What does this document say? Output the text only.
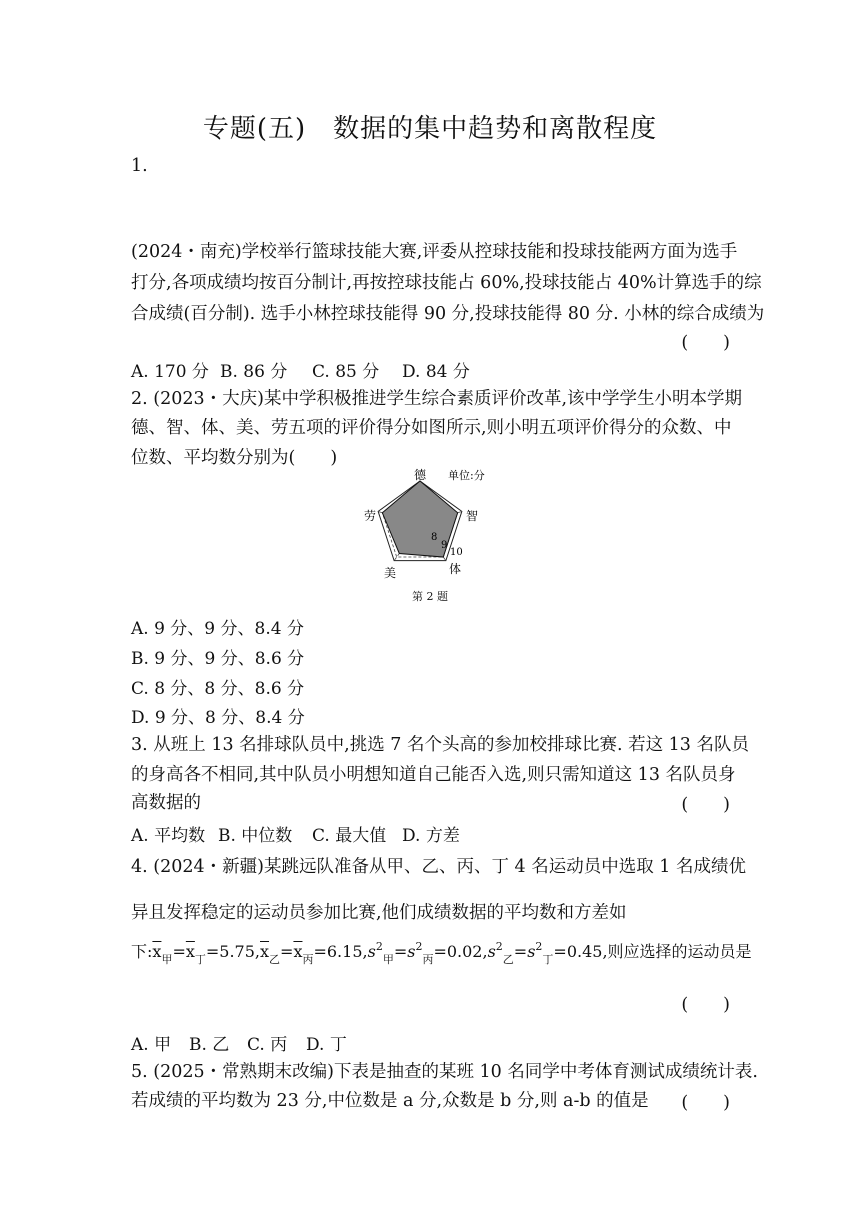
专题(五)　数据的集中趋势和离散程度
1.
(2024・南充)学校举行篮球技能大赛,评委从控球技能和投球技能两方面为选手
打分,各项成绩均按百分制计,再按控球技能占 60%,投球技能占 40%计算选手的综
合成绩(百分制). 选手小林控球技能得 90 分,投球技能得 80 分. 小林的综合成绩为
(　　)
A. 170 分 B. 86 分 C. 85 分 D. 84 分
2. (2023・大庆)某中学积极推进学生综合素质评价改革,该中学学生小明本学期
德、智、体、美、劳五项的评价得分如图所示,则小明五项评价得分的众数、中
位数、平均数分别为(　　)
德
智
体
美
劳
单位:分
8
9
10
第 2 题
A. 9 分、9 分、8.4 分
B. 9 分、9 分、8.6 分
C. 8 分、8 分、8.6 分
D. 9 分、8 分、8.4 分
3. 从班上 13 名排球队员中,挑选 7 名个头高的参加校排球比赛. 若这 13 名队员
的身高各不相同,其中队员小明想知道自己能否入选,则只需知道这 13 名队员身
高数据的	(　　)
A. 平均数 B. 中位数 C. 最大值 D. 方差
4. (2024・新疆)某跳远队准备从甲、乙、丙、丁 4 名运动员中选取 1 名成绩优
异且发挥稳定的运动员参加比赛,他们成绩数据的平均数和方差如
下$:\overline{x}_甲=\overline{x}_丁=5.75,\overline{x}_乙=\overline{x}_丙=6.15,s^2_甲=s^2_丙=0.02,s^2_乙=s^2_丁=0.45$,则应选择的运动员是
(　　)
A. 甲 B. 乙 C. 丙 D. 丁
5. (2025・常熟期末改编)下表是抽查的某班 10 名同学中考体育测试成绩统计表.
若成绩的平均数为 23 分,中位数是 a 分,众数是 b 分,则 a-b 的值是 (　　)
